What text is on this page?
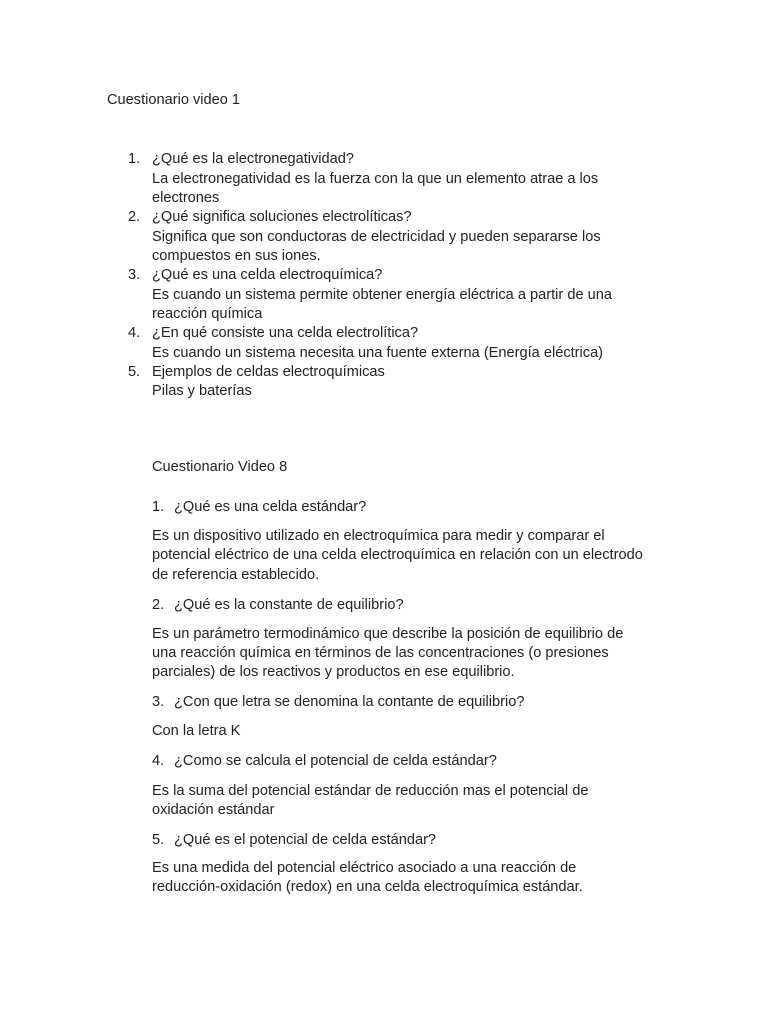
Cuestionario video 1
1. ¿Qué es la electronegatividad?
La electronegatividad es la fuerza con la que un elemento atrae a los
electrones
2. ¿Qué significa soluciones electrolíticas?
Significa que son conductoras de electricidad y pueden separarse los
compuestos en sus iones.
3. ¿Qué es una celda electroquímica?
Es cuando un sistema permite obtener energía eléctrica a partir de una
reacción química
4. ¿En qué consiste una celda electrolítica?
Es cuando un sistema necesita una fuente externa (Energía eléctrica)
5. Ejemplos de celdas electroquímicas
Pilas y baterías
Cuestionario Video 8
1. ¿Qué es una celda estándar?
Es un dispositivo utilizado en electroquímica para medir y comparar el
potencial eléctrico de una celda electroquímica en relación con un electrodo
de referencia establecido.
2. ¿Qué es la constante de equilibrio?
Es un parámetro termodinámico que describe la posición de equilibrio de
una reacción química en términos de las concentraciones (o presiones
parciales) de los reactivos y productos en ese equilibrio.
3. ¿Con que letra se denomina la contante de equilibrio?
Con la letra K
4. ¿Como se calcula el potencial de celda estándar?
Es la suma del potencial estándar de reducción mas el potencial de
oxidación estándar
5. ¿Qué es el potencial de celda estándar?
Es una medida del potencial eléctrico asociado a una reacción de
reducción-oxidación (redox) en una celda electroquímica estándar.
